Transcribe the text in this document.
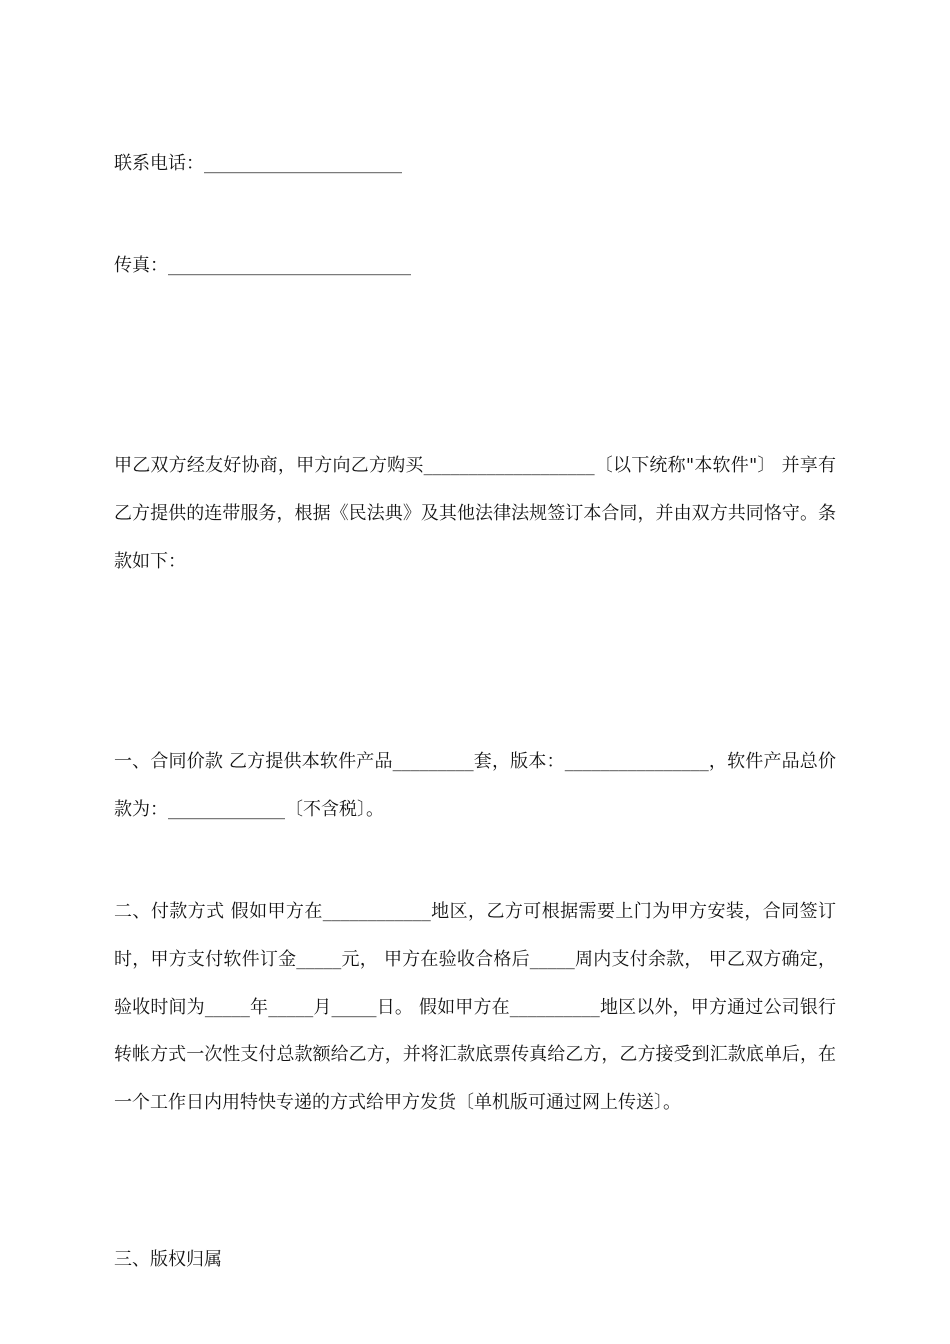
联系电话：______________________
传真：___________________________
甲乙双方经友好协商，甲方向乙方购买___________________〔以下统称"本软件"〕 并享有乙方提供的连带服务，根据《民法典》及其他法律法规签订本合同，并由双方共同恪守。条款如下：
一、合同价款 乙方提供本软件产品_________套，版本：________________，软件产品总价款为：_____________〔不含税〕。
二、付款方式 假如甲方在____________地区，乙方可根据需要上门为甲方安装，合同签订时，甲方支付软件订金_____元， 甲方在验收合格后_____周内支付余款， 甲乙双方确定，验收时间为_____年_____月_____日。 假如甲方在__________地区以外，甲方通过公司银行转帐方式一次性支付总款额给乙方，并将汇款底票传真给乙方，乙方接受到汇款底单后，在一个工作日内用特快专递的方式给甲方发货〔单机版可通过网上传送〕。
三、版权归属
